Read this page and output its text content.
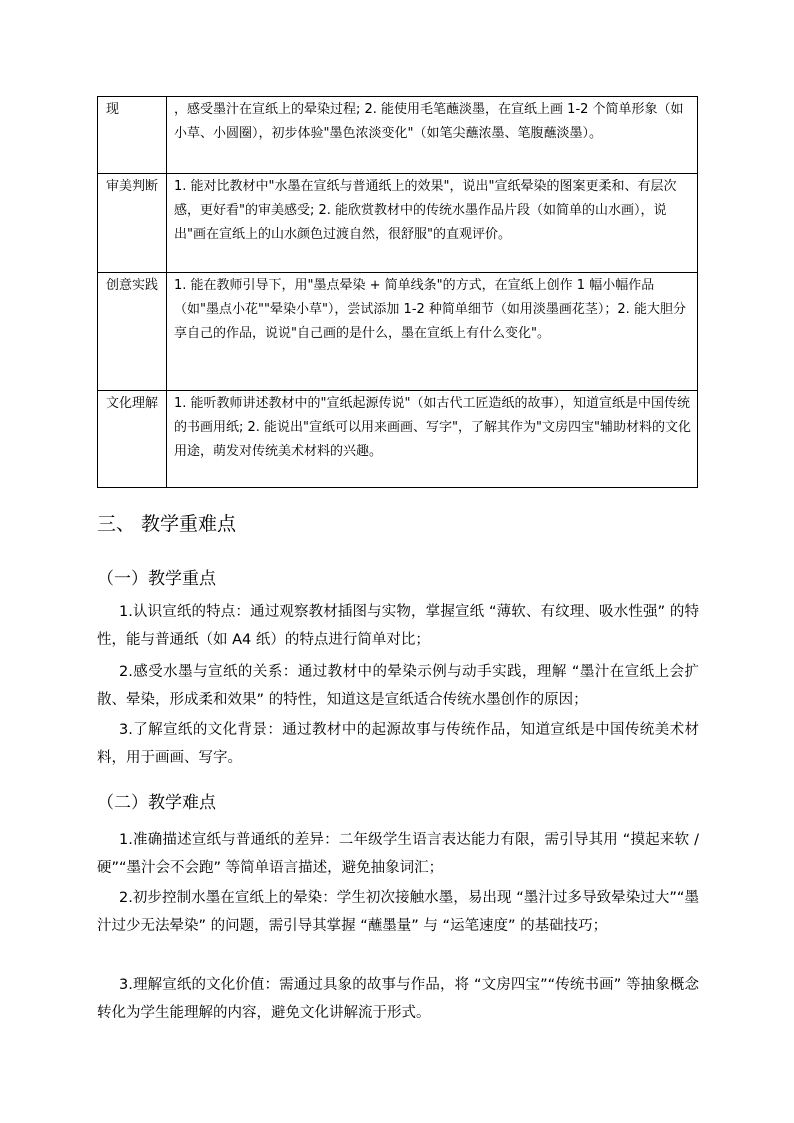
现	，感受墨汁在宣纸上的晕染过程; 2. 能使用毛笔蘸淡墨，在宣纸上画 1-2 个简单形象（如小草、小圆圈），初步体验"墨色浓淡变化"（如笔尖蘸浓墨、笔腹蘸淡墨）。

审美判断	1. 能对比教材中"水墨在宣纸与普通纸上的效果"，说出"宣纸晕染的图案更柔和、有层次感，更好看"的审美感受; 2. 能欣赏教材中的传统水墨作品片段（如简单的山水画），说出"画在宣纸上的山水颜色过渡自然，很舒服"的直观评价。

创意实践	1. 能在教师引导下，用"墨点晕染 + 简单线条"的方式，在宣纸上创作 1 幅小幅作品（如"墨点小花""晕染小草"），尝试添加 1-2 种简单细节（如用淡墨画花茎）；2. 能大胆分享自己的作品，说说"自己画的是什么，墨在宣纸上有什么变化"。

文化理解	1. 能听教师讲述教材中的"宣纸起源传说"（如古代工匠造纸的故事），知道宣纸是中国传统的书画用纸; 2. 能说出"宣纸可以用来画画、写字"，了解其作为"文房四宝"辅助材料的文化用途，萌发对传统美术材料的兴趣。
三、 教学重难点
（一）教学重点

1.认识宣纸的特点：通过观察教材插图与实物，掌握宣纸 “薄软、有纹理、吸水性强” 的特性，能与普通纸（如 A4 纸）的特点进行简单对比；

2.感受水墨与宣纸的关系：通过教材中的晕染示例与动手实践，理解 “墨汁在宣纸上会扩散、晕染，形成柔和效果” 的特性，知道这是宣纸适合传统水墨创作的原因；

3.了解宣纸的文化背景：通过教材中的起源故事与传统作品，知道宣纸是中国传统美术材料，用于画画、写字。

（二）教学难点

1.准确描述宣纸与普通纸的差异：二年级学生语言表达能力有限，需引导其用 “摸起来软 / 硬”“墨汁会不会跑” 等简单语言描述，避免抽象词汇；

2.初步控制水墨在宣纸上的晕染：学生初次接触水墨，易出现 “墨汁过多导致晕染过大”“墨汁过少无法晕染” 的问题，需引导其掌握 “蘸墨量” 与 “运笔速度” 的基础技巧；

3.理解宣纸的文化价值：需通过具象的故事与作品，将 “文房四宝”“传统书画” 等抽象概念转化为学生能理解的内容，避免文化讲解流于形式。
